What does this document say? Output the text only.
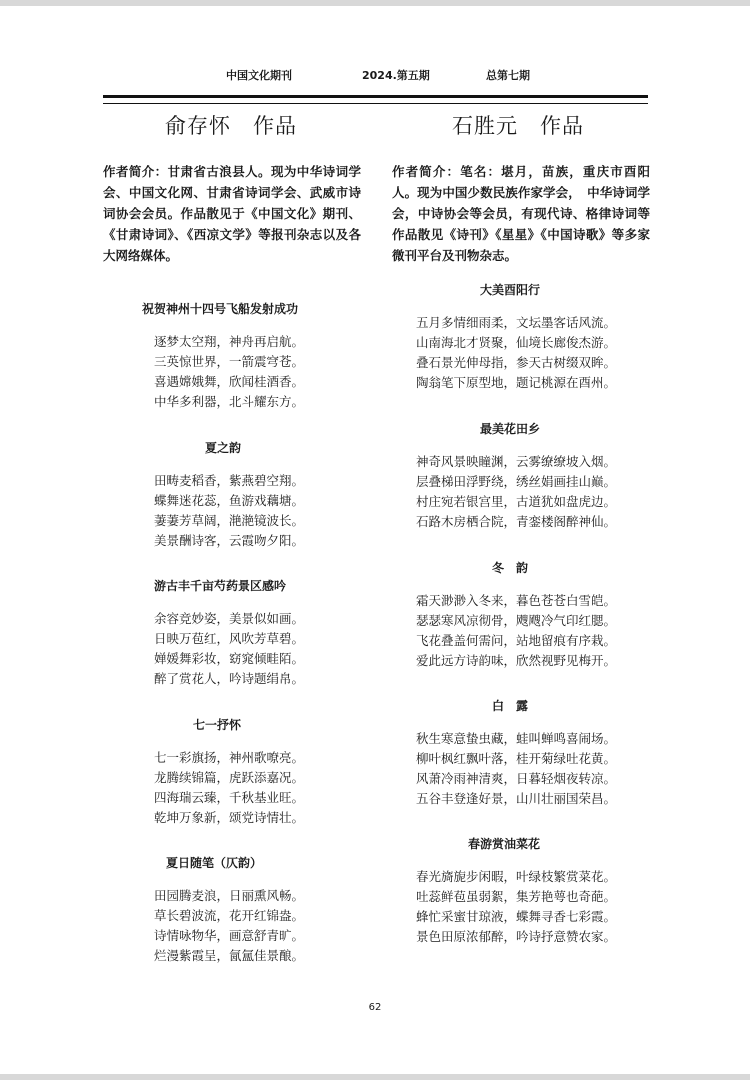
中国文化期刊	2024.第五期	总第七期
俞存怀　作品	石胜元　作品
作者简介：甘肃省古浪县人。现为中华诗词学会、中国文化网、甘肃省诗词学会、武威市诗词协会会员。作品散见于《中国文化》期刊、《甘肃诗词》、《西凉文学》等报刊杂志以及各大网络媒体。
作者简介：笔名：堪月，苗族，重庆市酉阳人。现为中国少数民族作家学会，　中华诗词学会，中诗协会等会员，有现代诗、格律诗词等作品散见《诗刊》《星星》《中国诗歌》等多家微刊平台及刊物杂志。
祝贺神州十四号飞船发射成功
逐梦太空翔，神舟再启航。
三英惊世界，一箭震穹苍。
喜遇嫦娥舞，欣闻桂酒香。
中华多利器，北斗耀东方。
夏之韵
田畴麦稻香，紫燕碧空翔。
蝶舞迷花蕊，鱼游戏藕塘。
萋萋芳草阔，滟滟镜波长。
美景酬诗客，云霞吻夕阳。
游古丰千亩芍药景区感吟
余容竞妙姿，美景似如画。
日映万苞红，风吹芳草碧。
婵媛舞彩妆，窈窕倾畦陌。
醉了赏花人，吟诗题绢帛。
七一抒怀
七一彩旗扬，神州歌嘹亮。
龙腾续锦篇，虎跃添嘉况。
四海瑞云臻，千秋基业旺。
乾坤万象新，颂党诗情壮。
夏日随笔（仄韵）
田园腾麦浪，日丽熏风畅。
草长碧波流，花开红锦盎。
诗情咏物华，画意舒青旷。
烂漫紫霞呈，氤氲佳景酿。
大美酉阳行
五月多情细雨柔，文坛墨客话风流。
山南海北才贤聚，仙境长廊俊杰游。
叠石景光伸母指，参天古树缀双眸。
陶翁笔下原型地，题记桃源在酉州。
最美花田乡
神奇风景映瞳渊，云雾缭缭坡入烟。
层叠梯田浮野绕，绣丝娟画挂山巅。
村庄宛若银宫里，古道犹如盘虎边。
石路木房栖合院，青銮楼阁醉神仙。
冬　韵
霜天渺渺入冬来，暮色苍苍白雪皑。
瑟瑟寒风凉彻骨，飕飕冷气印红腮。
飞花叠盖何需问，站地留痕有序栽。
爱此远方诗韵味，欣然视野见梅开。
白　露
秋生寒意蛰虫藏，蛙叫蝉鸣喜闹场。
柳叶枫红飘叶落，桂开菊绿吐花黄。
风萧冷雨神清爽，日暮轻烟夜转凉。
五谷丰登逢好景，山川壮丽国荣昌。
春游赏油菜花
春光旖旎步闲暇，叶绿枝繁赏菜花。
吐蕊鲜苞虽弱絮，集芳艳萼也奇葩。
蜂忙采蜜甘琼液，蝶舞寻香七彩霞。
景色田原浓郁醉，吟诗抒意赞农家。
62
